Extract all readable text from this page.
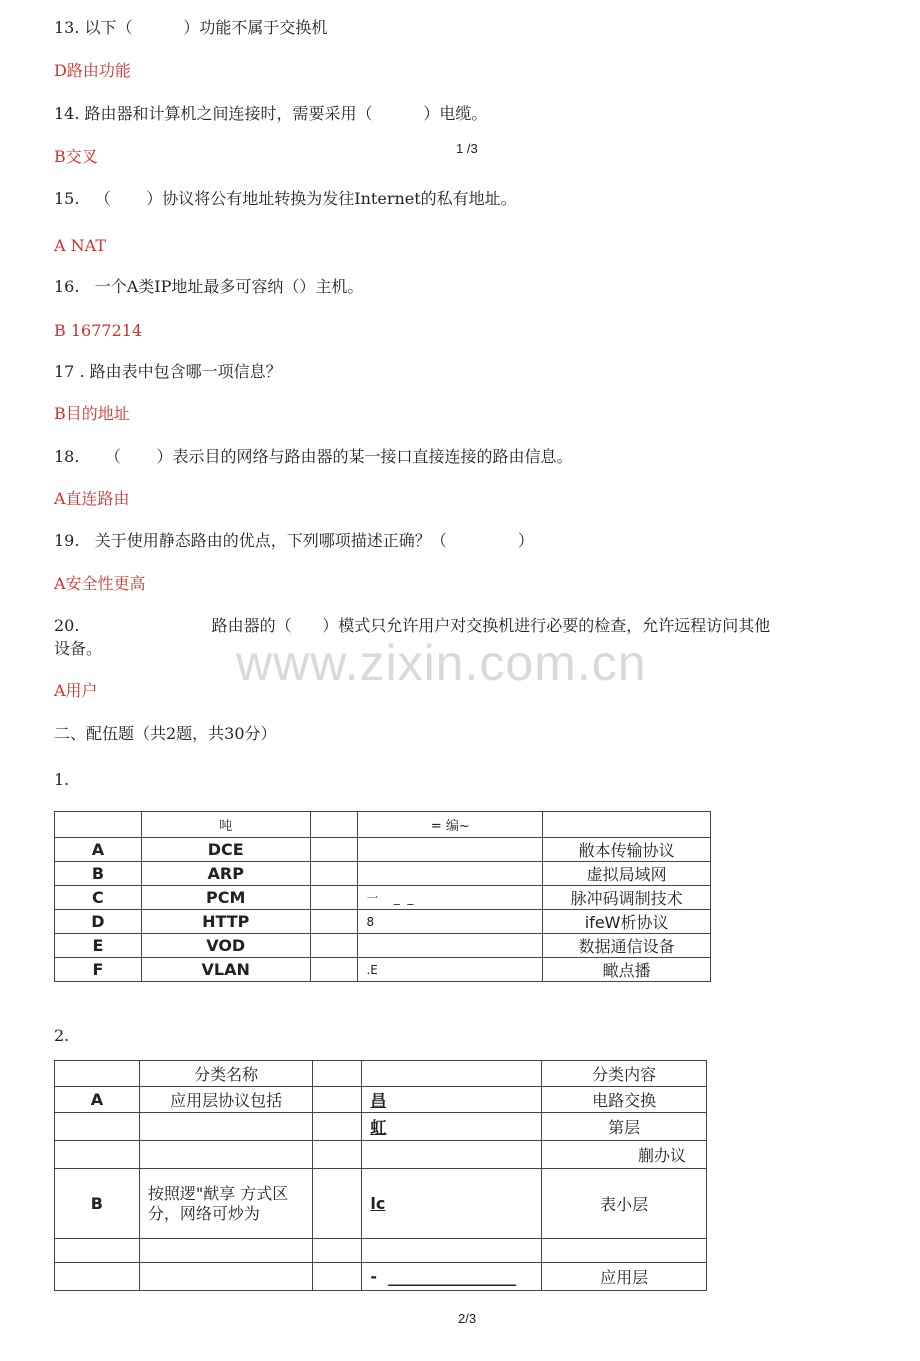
13. 以下（          ）功能不属于交换机
D路由功能
14. 路由器和计算机之间连接时，需要采用（          ）电缆。
B交叉	1 /3
15.   （       ）协议将公有地址转换为发往Internet的私有地址。
A NAT
16.   一个A类IP地址最多可容纳（）主机。
B 1677214
17 . 路由表中包含哪一项信息？
B目的地址
18.     （       ）表示目的网络与路由器的某一接口直接连接的路由信息。
A直连路由
19.   关于使用静态路由的优点，下列哪项描述正确？（              ）
A安全性更高
20.                          路由器的（      ）模式只允许用户对交换机进行必要的检查，允许远程访问其他
设备。
A用户	www.zixin.com.cn
二、配伍题（共2题，共30分）
1.
	吨		= 编~	
A	DCE			敝本传输协议
B	ARP			虚拟局域网
C	PCM		一    _  _	脉冲码调制技术
D	HTTP		8	ifeW析协议
E	VOD			数据通信设备
F	VLAN		.E	瞰点播
2.
	分类名称			分类内容
A	应用层协议包括		昌	电路交换
			虹	第层
				蒯办议
B	按照逻"猷享 方式区分，网络可炒为		lc	表小层

			-  ________________	应用层
2/3
